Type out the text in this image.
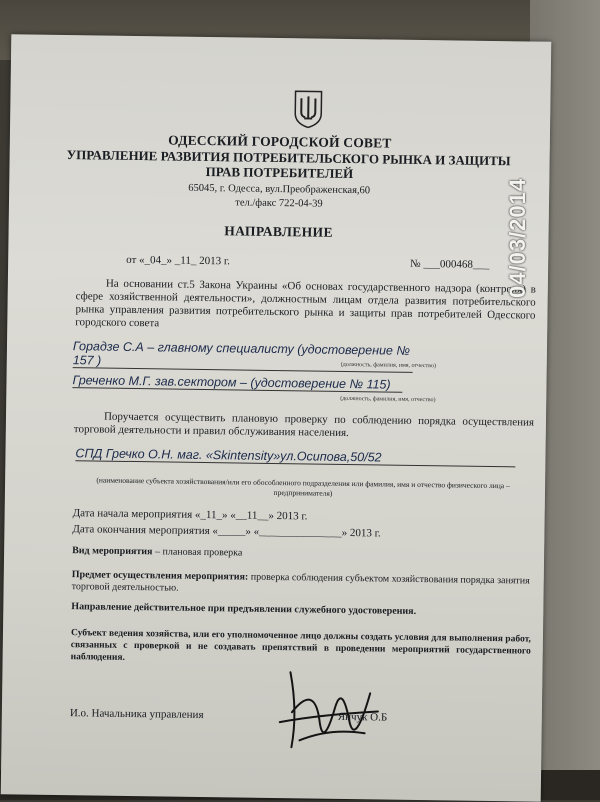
ОДЕССКИЙ ГОРОДСКОЙ СОВЕТ
УПРАВЛЕНИЕ РАЗВИТИЯ ПОТРЕБИТЕЛЬСКОГО РЫНКА И ЗАЩИТЫ
ПРАВ ПОТРЕБИТЕЛЕЙ
65045, г. Одесса, вул.Преображенская,60
тел./факс 722-04-39
НАПРАВЛЕНИЕ
от «_04_» _11_ 2013 г.	№ ___000468___
На основании ст.5 Закона Украины «Об основах государственного надзора (контроля) в сфере хозяйственной деятельности», должностным лицам отдела развития потребительского рынка управления развития потребительского рынка и защиты прав потребителей Одесского городского совета
Горадзе С.А – главному специалисту (удостоверение № 157 )	(должность, фамилия, имя, отчество)
Греченко М.Г. зав.сектором – (удостоверение № 115)
(должность, фамилия, имя, отчество)
Поручается осуществить плановую проверку по соблюдению порядка осуществления торговой деятельности и правил обслуживания населения.
СПД Гречко О.Н. маг. «Skintensity»ул.Осипова,50/52
(наименование субъекта хозяйствования/или его обособленного подразделения или фамилия, имя и отчество физического лица – предпринимателя)
Дата начала мероприятия «_11_» «__11__» 2013 г.
Дата окончания мероприятия «_____» «_______________» 2013 г.
Вид мероприятия – плановая проверка
Предмет осуществления мероприятия: проверка соблюдения субъектом хозяйствования порядка занятия торговой деятельностью.
Направление действительное при предъявлении служебного удостоверения.
Субъект ведения хозяйства, или его уполномоченное лицо должны создать условия для выполнения работ, связанных с проверкой и не создавать препятствий в проведении мероприятий государственного наблюдения.
И.о. Начальника управления	Янчук О.Б
04/03/2014
